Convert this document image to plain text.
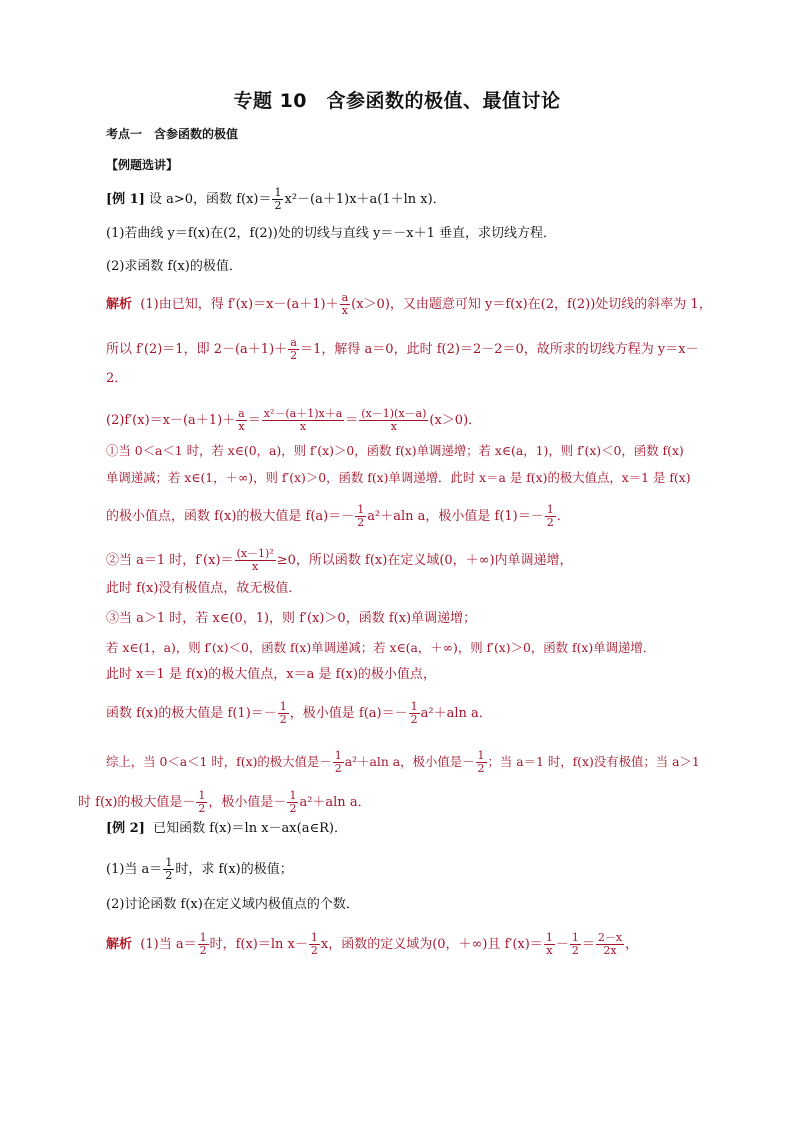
专题 10　含参函数的极值、最值讨论
考点一　含参函数的极值
【例题选讲】
[例 1] 设 a>0，函数 $f(x)= \frac{1}{2} x^2-(a+1)x+a(1+\ln$ x)．
(1)若曲线 y＝f(x)在(2，f(2))处的切线与直线 y＝－x＋1 垂直，求切线方程．
(2)求函数 f(x)的极值．
解析 (1)由已知，得 $f'(x)=x-(a+1)+ \frac{a}{x} (x>0)$，又由题意可知 y＝f(x)在(2，f(2))处切线的斜率为 1，
所以 f′(2)＝1，即 $2-(a+1)+ \frac{a}{2} =1$，解得 a＝0，此时 f(2)＝2－2＝0，故所求的切线方程为 y＝x－
2．
$(2)f'(x)=x-(a+1)+ \frac{a}{x} = \frac{\text{x²－(a＋1)x＋a}}{x} = \frac{(x-1)(x-a)}{x} (x>0)$．
①当 0＜a＜1 时，若 x∈(0，a)，则 f′(x)＞0，函数 f(x)单调递增；若 x∈(a，1)，则 f′(x)＜0，函数 f(x)
单调递减；若 x∈(1，＋∞)，则 f′(x)＞0，函数 f(x)单调递增．此时 x＝a 是 f(x)的极大值点，x＝1 是 f(x)
的极小值点，函数 f(x)的极大值是 $f(a)=- \frac{1}{2} a^2+aln$ a，极小值是 $f(1)=- \frac{1}{2}$ ．
②当 a＝1 时，$f'(x)= \frac{\text{(x－1)²}}{x} \ge 0$，所以函数 f(x)在定义域(0，＋∞)内单调递增，
此时 f(x)没有极值点，故无极值．
③当 a＞1 时，若 x∈(0，1)，则 f′(x)＞0，函数 f(x)单调递增；
若 x∈(1，a)，则 f′(x)＜0，函数 f(x)单调递减；若 x∈(a，＋∞)，则 f′(x)＞0，函数 f(x)单调递增．
此时 x＝1 是 f(x)的极大值点，x＝a 是 f(x)的极小值点，
函数 f(x)的极大值是 $f(1)=- \frac{1}{2}$ ，极小值是 $f(a)=- \frac{1}{2} a^2+aln$ a．
综上，当 0＜a＜1 时，f(x)的极大值是－ $\frac{1}{2} a^2+aln$ a，极小值是－ $\frac{1}{2}$ ；当 a＝1 时，f(x)没有极值；当 a＞1
时 f(x)的极大值是－ $\frac{1}{2}$ ，极小值是－ $\frac{1}{2} a^2+aln$ a．
[例 2] 已知函数 f(x)＝ln x－ax(a∈R)．
(1)当 $a= \frac{1}{2}$ 时，求 f(x)的极值；
(2)讨论函数 f(x)在定义域内极值点的个数．
解析 (1)当 $a= \frac{1}{2}$ 时，f(x)＝ln $x- \frac{1}{2}$ x，函数的定义域为(0，＋∞)且 $f'(x)= \frac{1}{x} - \frac{1}{2} = \frac{2-x}{2x}$ ，
